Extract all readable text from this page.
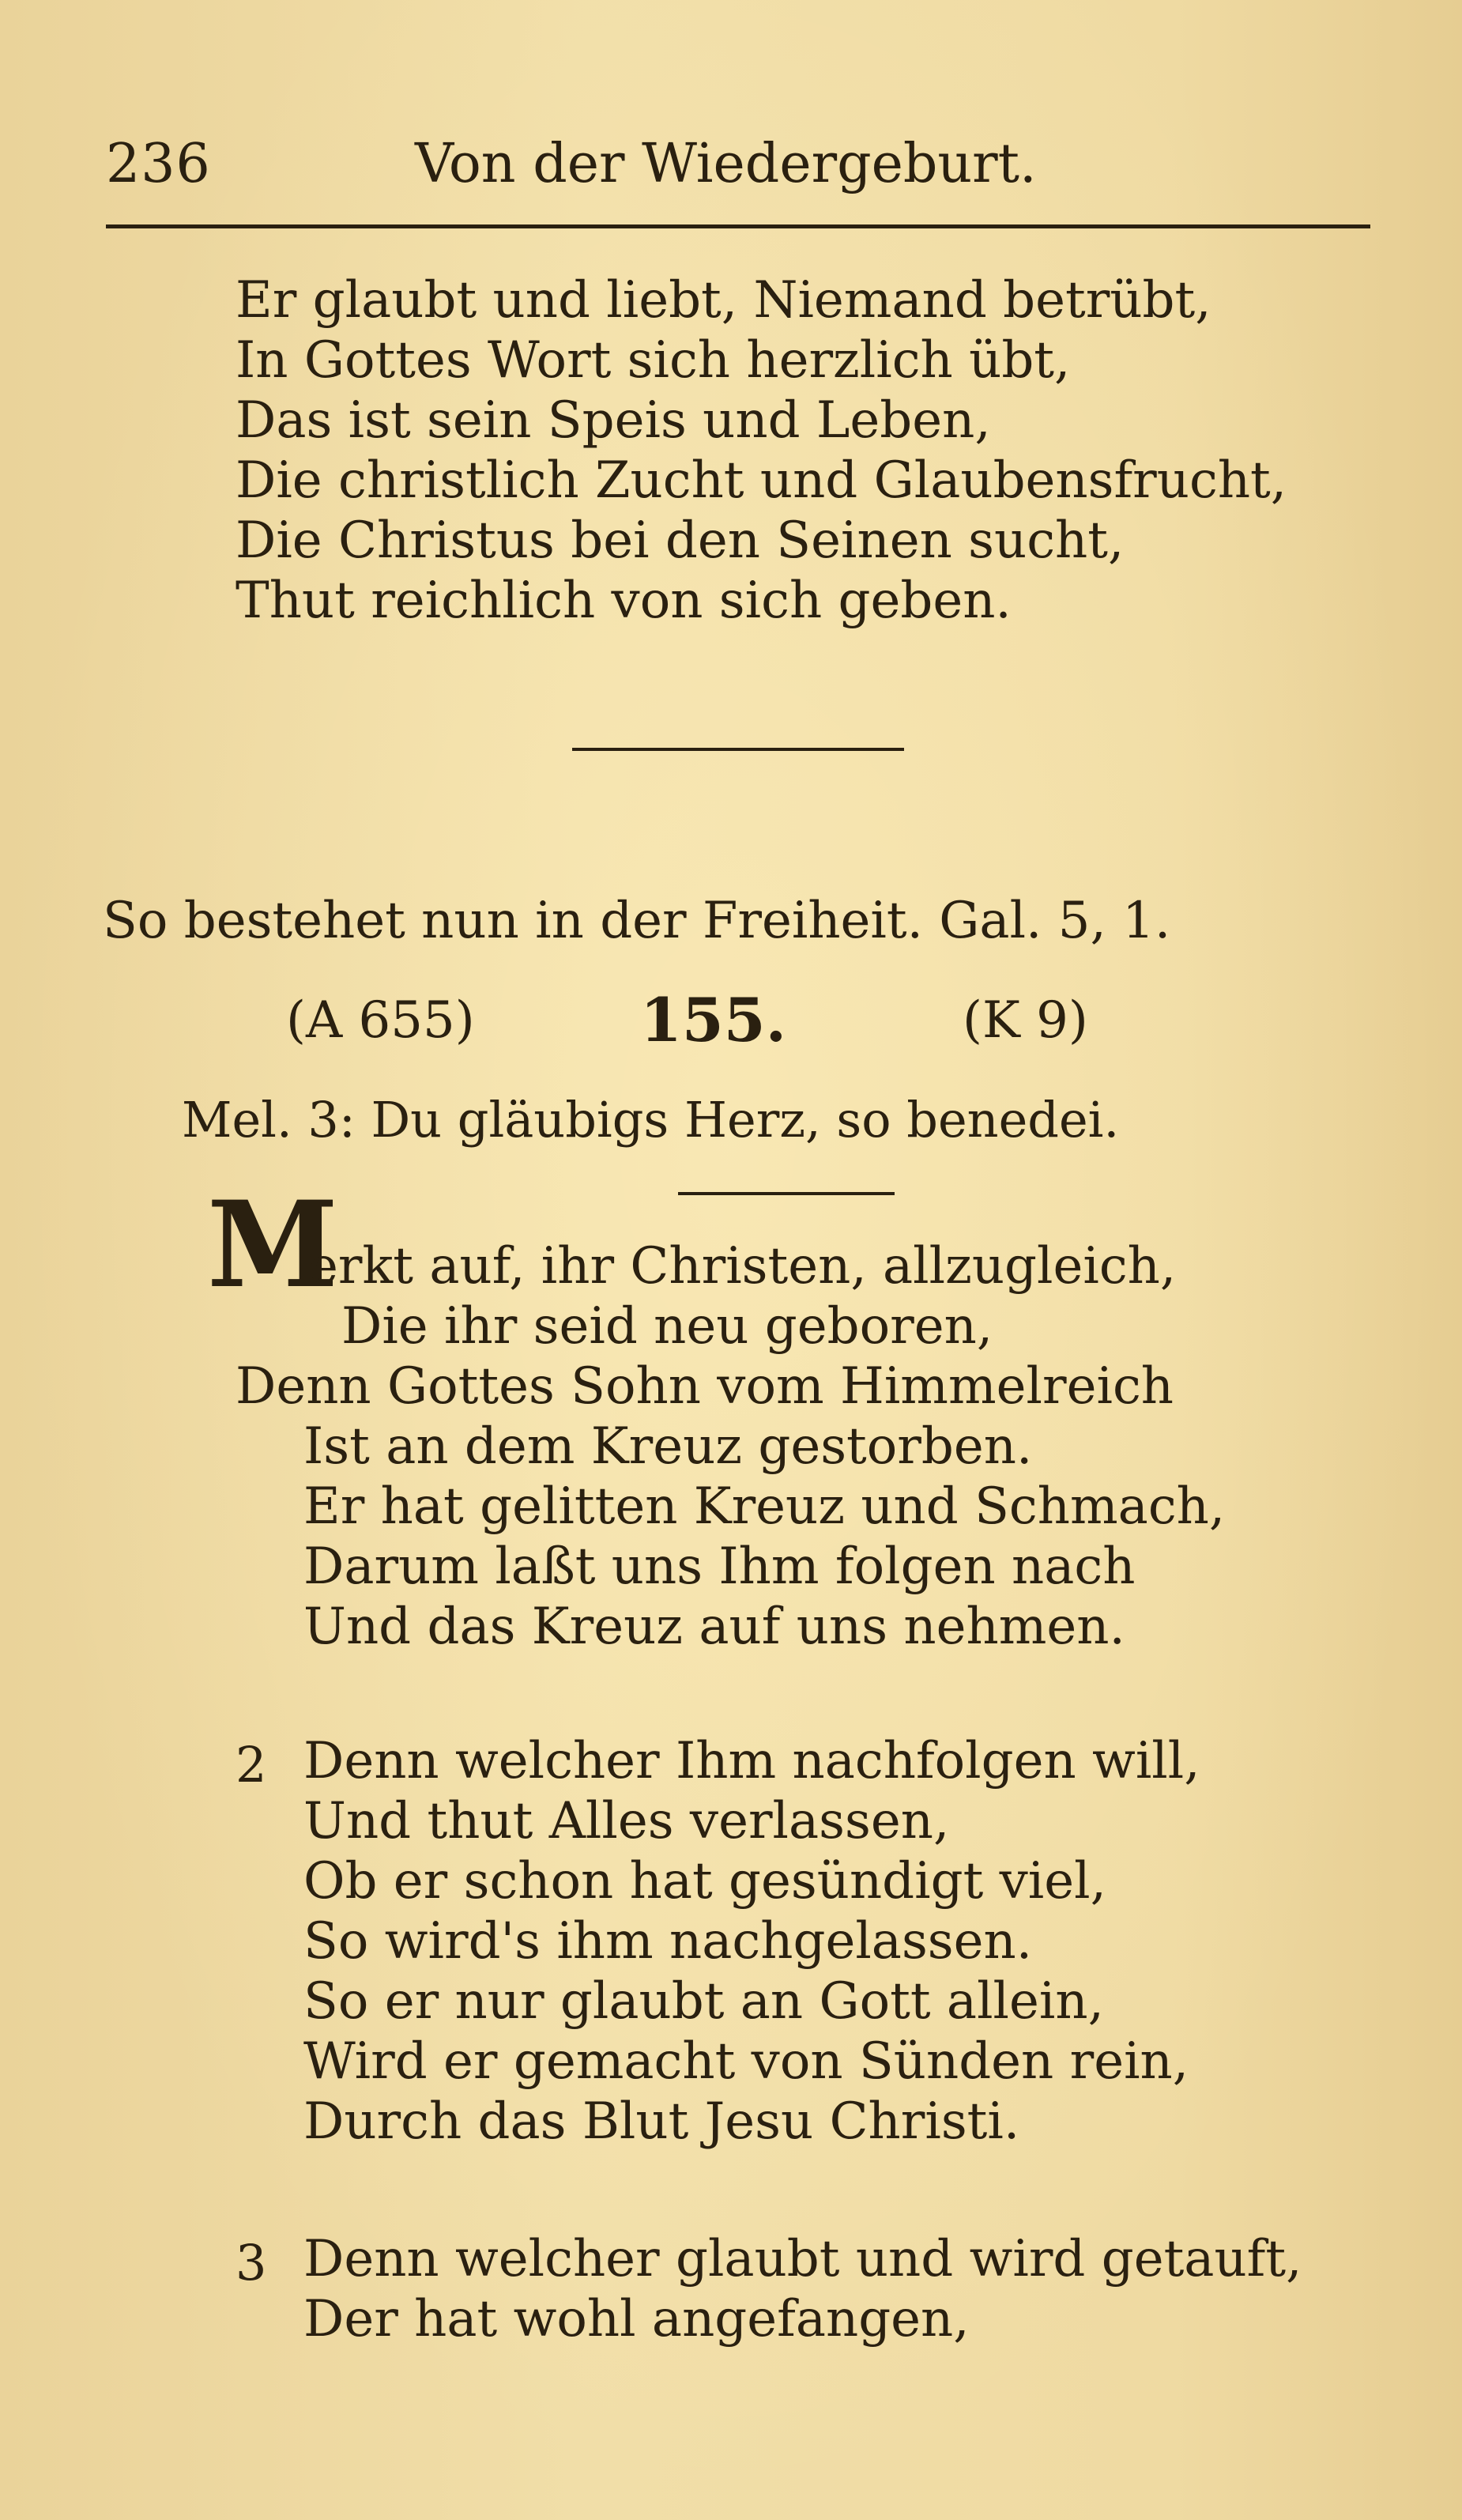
236	Von der Wiedergeburt.
Er glaubt und liebt, Niemand betrübt,
In Gottes Wort sich herzlich übt,
Das ist sein Speis und Leben,
Die christlich Zucht und Glaubensfrucht,
Die Christus bei den Seinen sucht,
Thut reichlich von sich geben.
So bestehet nun in der Freiheit. Gal. 5, 1.
(A 655)	155.	(K 9)
Mel. 3: Du gläubigs Herz, so benedei.
M
erkt auf, ihr Christen, allzugleich,
Die ihr seid neu geboren,
Denn Gottes Sohn vom Himmelreich
Ist an dem Kreuz gestorben.
Er hat gelitten Kreuz und Schmach,
Darum laßt uns Ihm folgen nach
Und das Kreuz auf uns nehmen.
2 Denn welcher Ihm nachfolgen will,
Und thut Alles verlassen,
Ob er schon hat gesündigt viel,
So wird's ihm nachgelassen.
So er nur glaubt an Gott allein,
Wird er gemacht von Sünden rein,
Durch das Blut Jesu Christi.
3 Denn welcher glaubt und wird getauft,
Der hat wohl angefangen,
